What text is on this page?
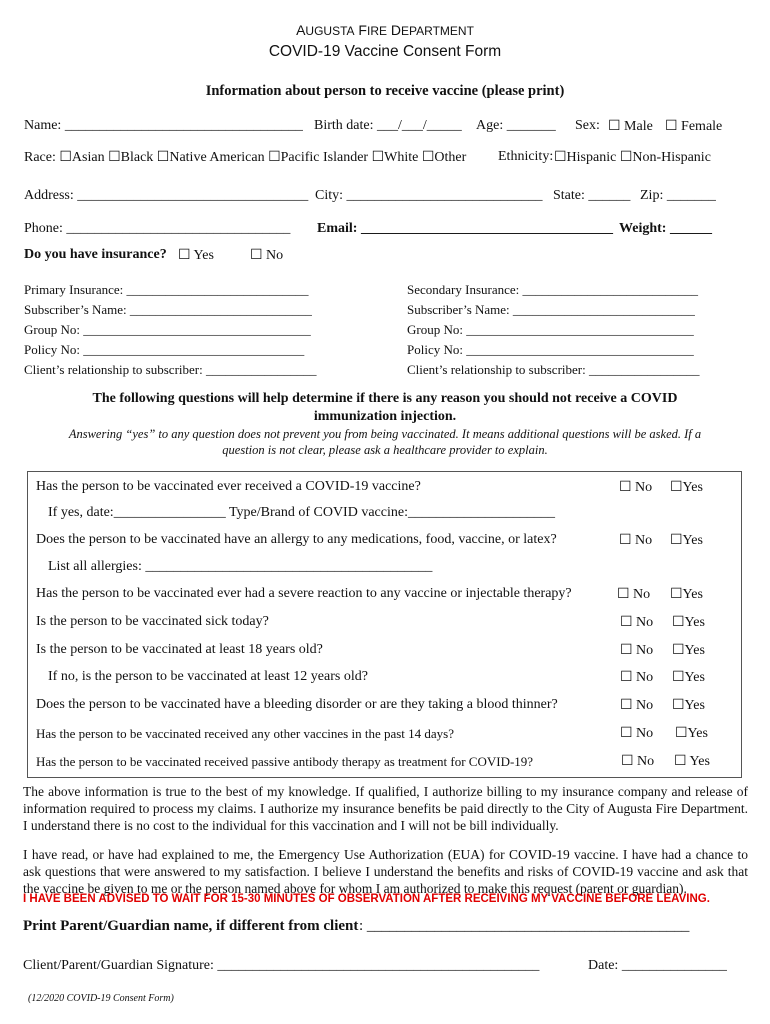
AUGUSTA FIRE DEPARTMENT
COVID-19 Vaccine Consent Form
Information about person to receive vaccine (please print)
Name: __________________________________ Birth date: ___/___/_____ Age: _______ Sex: ☐ Male ☐ Female
Race: ☐Asian ☐Black ☐Native American ☐Pacific Islander ☐White ☐Other Ethnicity: ☐Hispanic ☐Non-Hispanic
Address: _________________________________ City: ____________________________ State: ______ Zip: _______
Phone: ________________________________ Email: ____________________________________ Weight: ______
Do you have insurance? ☐ Yes	☐ No
Primary Insurance: ____________________________
Subscriber’s Name: ____________________________
Group No: ___________________________________
Policy No: __________________________________
Client’s relationship to subscriber: _________________
Secondary Insurance: ___________________________
Subscriber’s Name: ____________________________
Group No: ___________________________________
Policy No: ___________________________________
Client’s relationship to subscriber: _________________
The following questions will help determine if there is any reason you should not receive a COVID
immunization injection.
Answering “yes” to any question does not prevent you from being vaccinated. It means additional questions will be asked. If a
question is not clear, please ask a healthcare provider to explain.
Has the person to be vaccinated ever received a COVID-19 vaccine?	☐ No ☐Yes
If yes, date:________________ Type/Brand of COVID vaccine:_____________________
Does the person to be vaccinated have an allergy to any medications, food, vaccine, or latex?	☐ No ☐Yes
List all allergies: _________________________________________
Has the person to be vaccinated ever had a severe reaction to any vaccine or injectable therapy?	☐ No ☐Yes
Is the person to be vaccinated sick today?	☐ No ☐Yes
Is the person to be vaccinated at least 18 years old?	☐ No ☐Yes
If no, is the person to be vaccinated at least 12 years old?	☐ No ☐Yes
Does the person to be vaccinated have a bleeding disorder or are they taking a blood thinner?	☐ No ☐Yes
Has the person to be vaccinated received any other vaccines in the past 14 days?	☐ No ☐Yes
Has the person to be vaccinated received passive antibody therapy as treatment for COVID-19?	☐ No ☐ Yes
The above information is true to the best of my knowledge. If qualified, I authorize billing to my insurance company and release of information required to process my claims. I authorize my insurance benefits be paid directly to the City of Augusta Fire Department. I understand there is no cost to the individual for this vaccination and I will not be bill individually.
I have read, or have had explained to me, the Emergency Use Authorization (EUA) for COVID-19 vaccine. I have had a chance to ask questions that were answered to my satisfaction. I believe I understand the benefits and risks of COVID-19 vaccine and ask that the vaccine be given to me or the person named above for whom I am authorized to make this request (parent or guardian).
I HAVE BEEN ADVISED TO WAIT FOR 15-30 MINUTES OF OBSERVATION AFTER RECEIVING MY VACCINE BEFORE LEAVING.
Print Parent/Guardian name, if different from client : ___________________________________________
Client/Parent/Guardian Signature: ______________________________________________	Date: _______________
(12/2020 COVID-19 Consent Form)
